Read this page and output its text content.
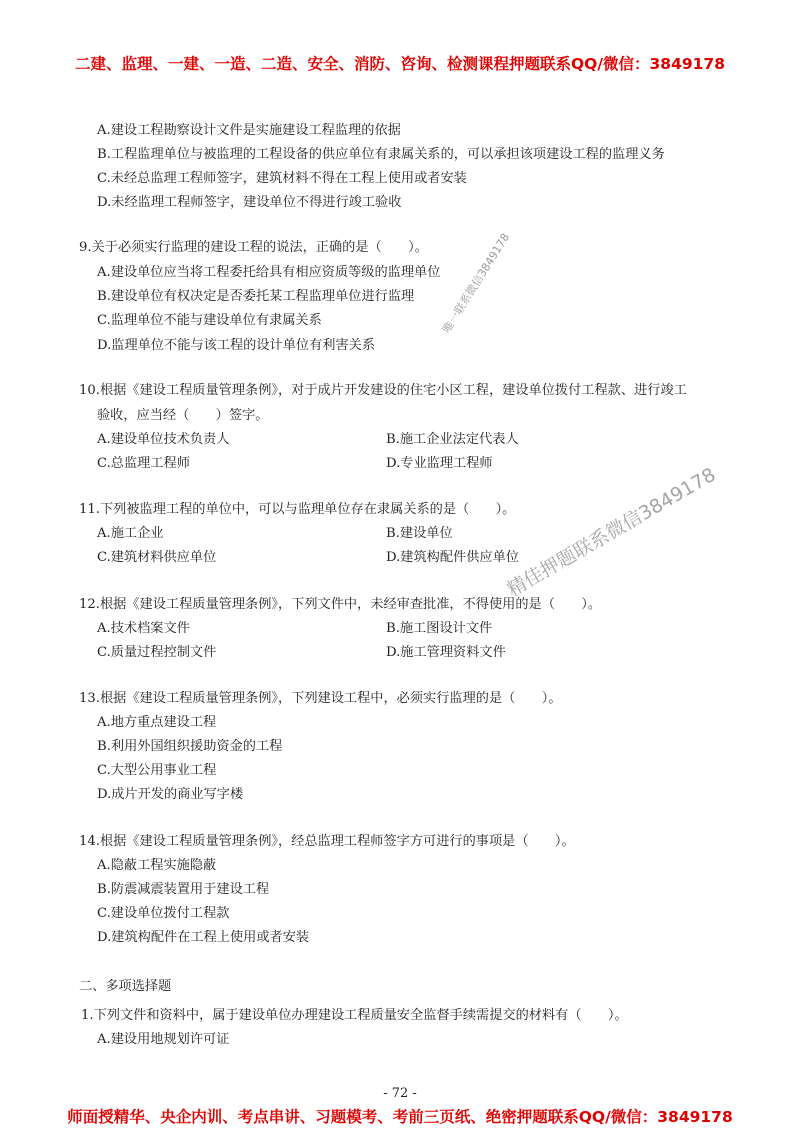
二建、监理、一建、一造、二造、安全、消防、咨询、检测课程押题联系QQ/微信：3849178
A.建设工程勘察设计文件是实施建设工程监理的依据
B.工程监理单位与被监理的工程设备的供应单位有隶属关系的，可以承担该项建设工程的监理义务
C.未经总监理工程师签字，建筑材料不得在工程上使用或者安装
D.未经监理工程师签字，建设单位不得进行竣工验收
9.关于必须实行监理的建设工程的说法，正确的是（　　）。
A.建设单位应当将工程委托给具有相应资质等级的监理单位
B.建设单位有权决定是否委托某工程监理单位进行监理
C.监理单位不能与建设单位有隶属关系
D.监理单位不能与该工程的设计单位有利害关系
10.根据《建设工程质量管理条例》，对于成片开发建设的住宅小区工程，建设单位拨付工程款、进行竣工
验收，应当经（　　）签字。
A.建设单位技术负责人	B.施工企业法定代表人
C.总监理工程师	D.专业监理工程师
11.下列被监理工程的单位中，可以与监理单位存在隶属关系的是（　　）。
A.施工企业	B.建设单位
C.建筑材料供应单位	D.建筑构配件供应单位
12.根据《建设工程质量管理条例》，下列文件中，未经审查批准，不得使用的是（　　）。
A.技术档案文件	B.施工图设计文件
C.质量过程控制文件	D.施工管理资料文件
13.根据《建设工程质量管理条例》，下列建设工程中，必须实行监理的是（　　）。
A.地方重点建设工程
B.利用外国组织援助资金的工程
C.大型公用事业工程
D.成片开发的商业写字楼
14.根据《建设工程质量管理条例》，经总监理工程师签字方可进行的事项是（　　）。
A.隐蔽工程实施隐蔽
B.防震减震装置用于建设工程
C.建设单位拨付工程款
D.建筑构配件在工程上使用或者安装
二、多项选择题
1.下列文件和资料中，属于建设单位办理建设工程质量安全监督手续需提交的材料有（　　）。
A.建设用地规划许可证
唯一联系微信3849178
精佳押题联系微信3849178
- 72 -
师面授精华、央企内训、考点串讲、习题模考、考前三页纸、绝密押题联系QQ/微信：3849178
